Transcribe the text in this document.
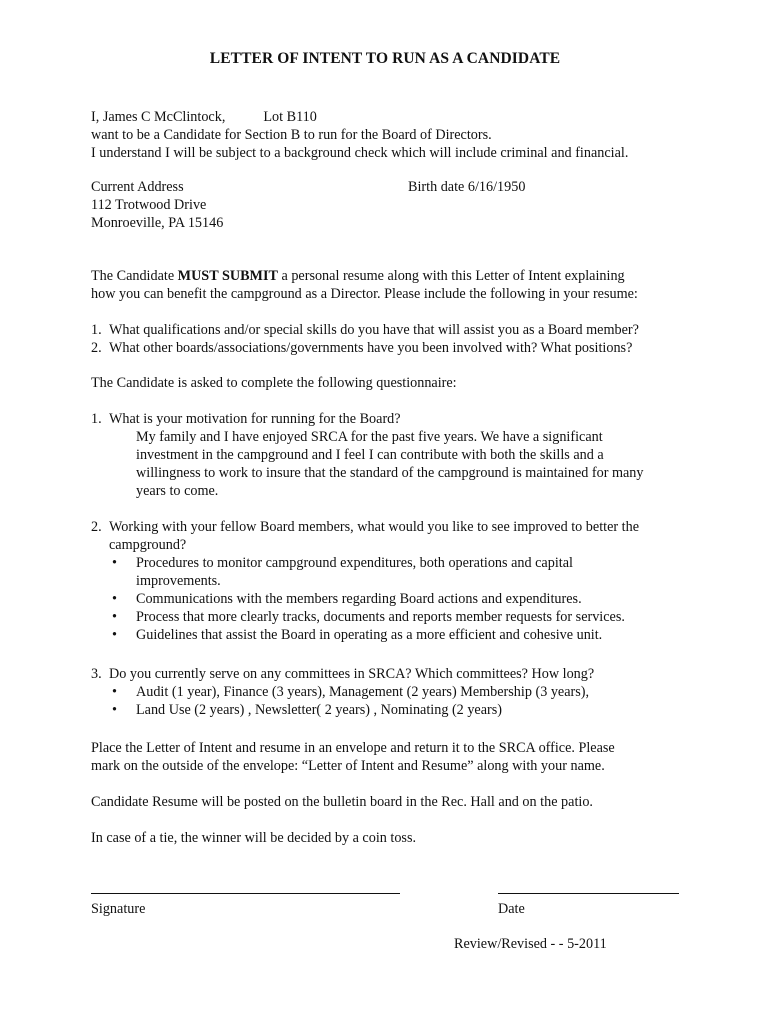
LETTER OF INTENT TO RUN AS A CANDIDATE
I, James C McClintock,	Lot B110
want to be a Candidate for Section B to run for the Board of Directors.
I understand I will be subject to a background check which will include criminal and financial.
Current Address
112 Trotwood Drive
Monroeville, PA 15146
Birth date 6/16/1950
The Candidate MUST SUBMIT a personal resume along with this Letter of Intent explaining
how you can benefit the campground as a Director. Please include the following in your resume:
1. What qualifications and/or special skills do you have that will assist you as a Board member?
2. What other boards/associations/governments have you been involved with? What positions?
The Candidate is asked to complete the following questionnaire:
1. What is your motivation for running for the Board?
My family and I have enjoyed SRCA for the past five years. We have a significant
investment in the campground and I feel I can contribute with both the skills and a
willingness to work to insure that the standard of the campground is maintained for many
years to come.
2. Working with your fellow Board members, what would you like to see improved to better the
campground?
• Procedures to monitor campground expenditures, both operations and capital
improvements.
• Communications with the members regarding Board actions and expenditures.
• Process that more clearly tracks, documents and reports member requests for services.
• Guidelines that assist the Board in operating as a more efficient and cohesive unit.
3. Do you currently serve on any committees in SRCA? Which committees? How long?
• Audit (1 year), Finance (3 years), Management (2 years) Membership (3 years),
• Land Use (2 years) , Newsletter( 2 years) , Nominating (2 years)
Place the Letter of Intent and resume in an envelope and return it to the SRCA office. Please
mark on the outside of the envelope: “Letter of Intent and Resume” along with your name.
Candidate Resume will be posted on the bulletin board in the Rec. Hall and on the patio.
In case of a tie, the winner will be decided by a coin toss.
Signature	Date
Review/Revised - - 5-2011
